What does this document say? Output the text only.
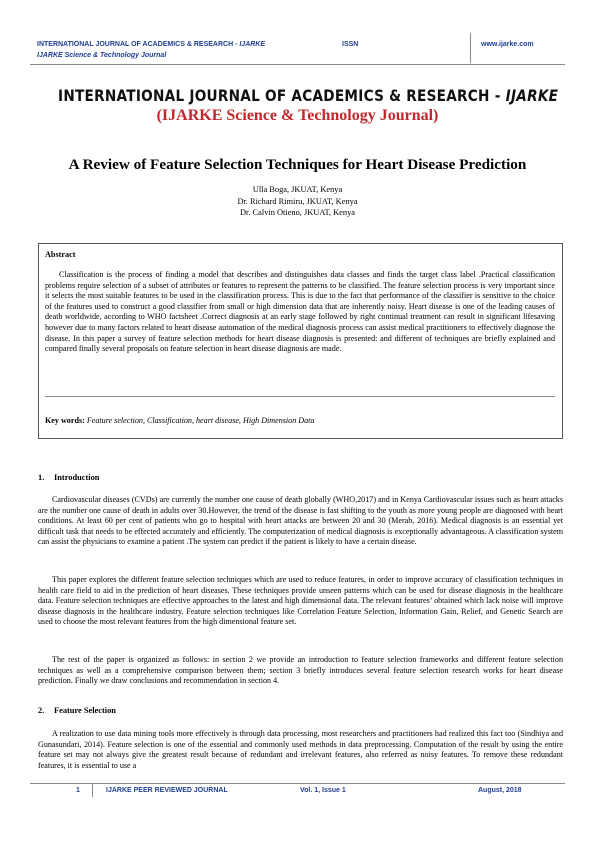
INTERNATIONAL JOURNAL OF ACADEMICS & RESEARCH - IJARKE	ISSN
IJARKE Science & Technology Journal
www.ijarke.com
INTERNATIONAL JOURNAL OF ACADEMICS & RESEARCH - IJARKE
(IJARKE Science & Technology Journal)
A Review of Feature Selection Techniques for Heart Disease Prediction
Ulla Boga, JKUAT, Kenya
Dr. Richard Rimiru, JKUAT, Kenya
Dr. Calvin Otieno, JKUAT, Kenya
Abstract
Classification is the process of finding a model that describes and distinguishes data classes and finds the target class label .Practical classification problems require selection of a subset of attributes or features to represent the patterns to be classified. The feature selection process is very important since it selects the most suitable features to be used in the classification process. This is due to the fact that performance of the classifier is sensitive to the choice of the features used to construct a good classifier from small or high dimension data that are inherently noisy. Heart disease is one of the leading causes of death worldwide, according to WHO factsheet .Correct diagnosis at an early stage followed by right continual treatment can result in significant lifesaving however due to many factors related to heart disease automation of the medical diagnosis process can assist medical practitioners to effectively diagnose the disease. In this paper a survey of feature selection methods for heart disease diagnosis is presented: and different of techniques are briefly explained and compared finally several proposals on feature selection in heart disease diagnosis are made.
Key words: Feature selection, Classification, heart disease, High Dimension Data
1. Introduction

Cardiovascular diseases (CVDs) are currently the number one cause of death globally (WHO,2017) and in Kenya Cardiovascular issues such as heart attacks are the number one cause of death in adults over 30.However, the trend of the disease is fast shifting to the youth as more young people are diagnosed with heart conditions. At least 60 per cent of patients who go to hospital with heart attacks are between 20 and 30 (Merab, 2016). Medical diagnosis is an essential yet difficult task that needs to be effected accurately and efficiently. The computerization of medical diagnosis is exceptionally advantageous. A classification system can assist the physicians to examine a patient .The system can predict if the patient is likely to have a certain disease.

This paper explores the different feature selection techniques which are used to reduce features, in order to improve accuracy of classification techniques in health care field to aid in the prediction of heart diseases. These techniques provide unseen patterns which can be used for disease diagnosis in the healthcare data. Feature selection techniques are effective approaches to the latest and high dimensional data. The relevant features’ obtained which lack noise will improve disease diagnosis in the healthcare industry. Feature selection techniques like Correlation Feature Selection, Information Gain, Relief, and Genetic Search are used to choose the most relevant features from the high dimensional feature set.

The rest of the paper is organized as follows: in section 2 we provide an introduction to feature selection frameworks and different feature selection techniques as well as a comprehensive comparison between them; section 3 briefly introduces several feature selection research works for heart disease prediction. Finally we draw conclusions and recommendation in section 4.

2. Feature Selection

A realization to use data mining tools more effectively is through data processing, most researchers and practitioners had realized this fact too (Sindhiya and Gunasundari, 2014). Feature selection is one of the essential and commonly used methods in data preprocessing. Computation of the result by using the entire feature set may not always give the greatest result because of redundant and irrelevant features, also referred as noisy features. To remove these redundant features, it is essential to use a

1	IJARKE PEER REVIEWED JOURNAL	Vol. 1, Issue 1	August, 2018
